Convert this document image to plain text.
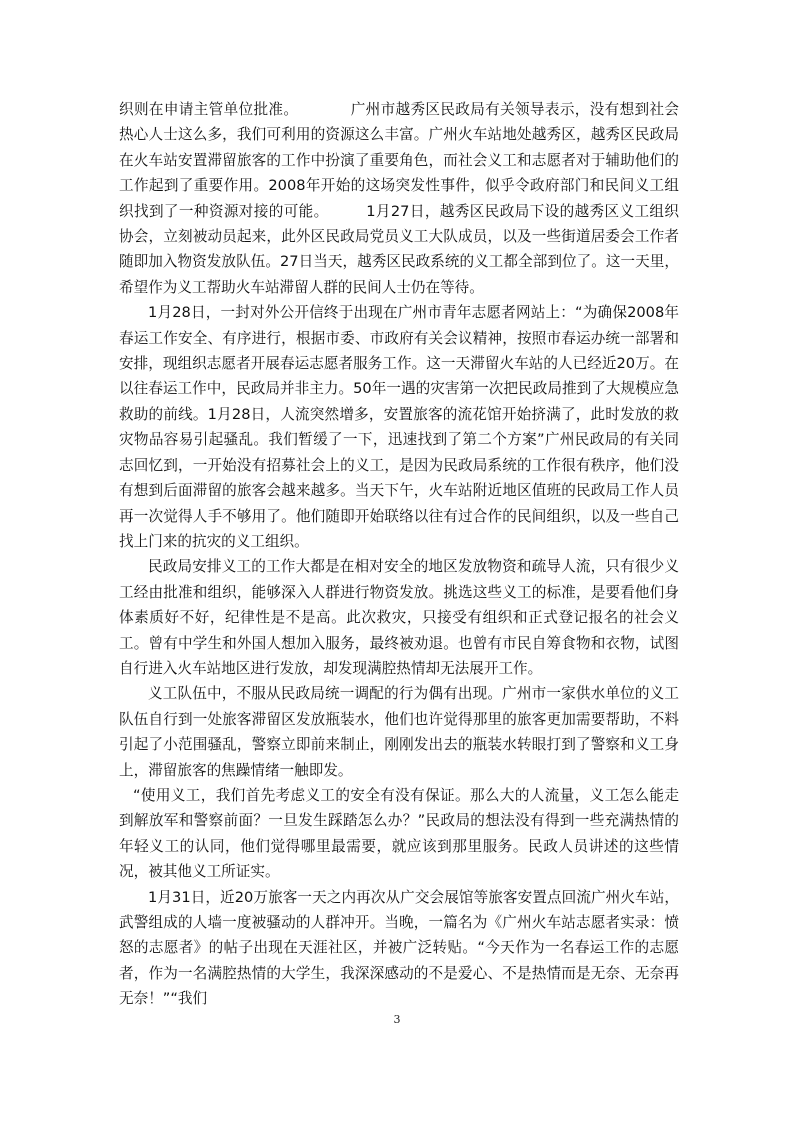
织则在申请主管单位批准。　　　　广州市越秀区民政局有关领导表示，没有想到社会热心人士这么多，我们可利用的资源这么丰富。广州火车站地处越秀区，越秀区民政局在火车站安置滞留旅客的工作中扮演了重要角色，而社会义工和志愿者对于辅助他们的工作起到了重要作用。2008年开始的这场突发性事件，似乎令政府部门和民间义工组织找到了一种资源对接的可能。　　　1月27日，越秀区民政局下设的越秀区义工组织协会，立刻被动员起来，此外区民政局党员义工大队成员，以及一些街道居委会工作者随即加入物资发放队伍。27日当天，越秀区民政系统的义工都全部到位了。这一天里，希望作为义工帮助火车站滞留人群的民间人士仍在等待。

1月28日，一封对外公开信终于出现在广州市青年志愿者网站上：“为确保2008年春运工作安全、有序进行，根据市委、市政府有关会议精神，按照市春运办统一部署和安排，现组织志愿者开展春运志愿者服务工作。这一天滞留火车站的人已经近20万。在以往春运工作中，民政局并非主力。50年一遇的灾害第一次把民政局推到了大规模应急救助的前线。1月28日，人流突然增多，安置旅客的流花馆开始挤满了，此时发放的救灾物品容易引起骚乱。我们暂缓了一下，迅速找到了第二个方案”广州民政局的有关同志回忆到，一开始没有招募社会上的义工，是因为民政局系统的工作很有秩序，他们没有想到后面滞留的旅客会越来越多。当天下午，火车站附近地区值班的民政局工作人员再一次觉得人手不够用了。他们随即开始联络以往有过合作的民间组织，以及一些自己找上门来的抗灾的义工组织。

民政局安排义工的工作大都是在相对安全的地区发放物资和疏导人流，只有很少义工经由批准和组织，能够深入人群进行物资发放。挑选这些义工的标准，是要看他们身体素质好不好，纪律性是不是高。此次救灾，只接受有组织和正式登记报名的社会义工。曾有中学生和外国人想加入服务，最终被劝退。也曾有市民自筹食物和衣物，试图自行进入火车站地区进行发放，却发现满腔热情却无法展开工作。

义工队伍中，不服从民政局统一调配的行为偶有出现。广州市一家供水单位的义工队伍自行到一处旅客滞留区发放瓶装水，他们也许觉得那里的旅客更加需要帮助，不料引起了小范围骚乱，警察立即前来制止，刚刚发出去的瓶装水转眼打到了警察和义工身上，滞留旅客的焦躁情绪一触即发。

“使用义工，我们首先考虑义工的安全有没有保证。那么大的人流量，义工怎么能走到解放军和警察前面？一旦发生踩踏怎么办？”民政局的想法没有得到一些充满热情的年轻义工的认同，他们觉得哪里最需要，就应该到那里服务。民政人员讲述的这些情况，被其他义工所证实。

1月31日，近20万旅客一天之内再次从广交会展馆等旅客安置点回流广州火车站，武警组成的人墙一度被骚动的人群冲开。当晚，一篇名为《广州火车站志愿者实录：愤怒的志愿者》的帖子出现在天涯社区，并被广泛转贴。“今天作为一名春运工作的志愿者，作为一名满腔热情的大学生，我深深感动的不是爱心、不是热情而是无奈、无奈再无奈！”“我们

3
